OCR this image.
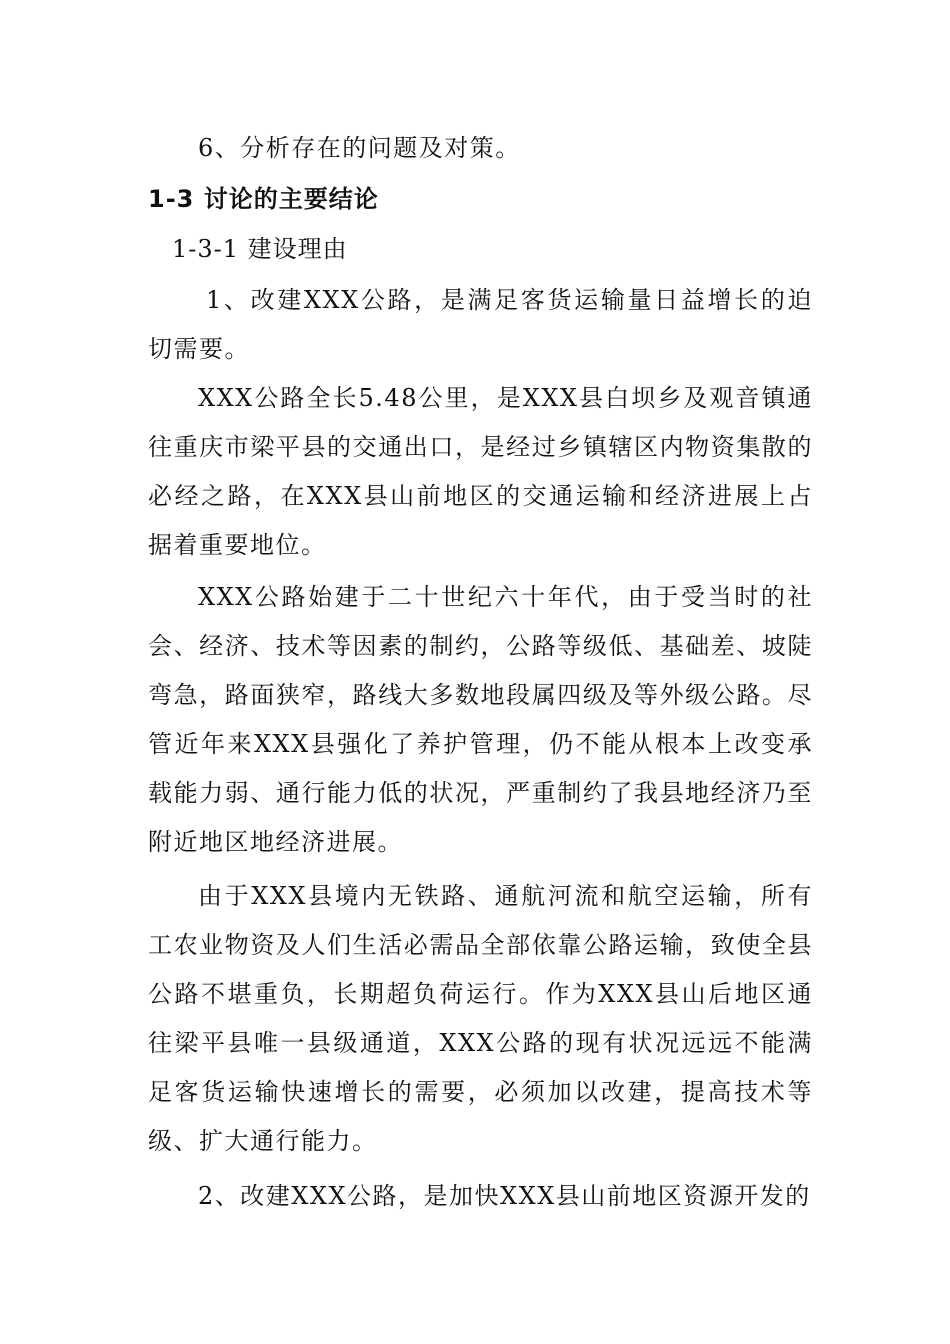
6、分析存在的问题及对策。

1-3 讨论的主要结论

1-3-1 建设理由

1、改建XXX公路，是满足客货运输量日益增长的迫切需要。

XXX公路全长5.48公里，是XXX县白坝乡及观音镇通往重庆市梁平县的交通出口，是经过乡镇辖区内物资集散的必经之路，在XXX县山前地区的交通运输和经济进展上占据着重要地位。

XXX公路始建于二十世纪六十年代，由于受当时的社会、经济、技术等因素的制约，公路等级低、基础差、坡陡弯急，路面狭窄，路线大多数地段属四级及等外级公路。尽管近年来XXX县强化了养护管理，仍不能从根本上改变承载能力弱、通行能力低的状况，严重制约了我县地经济乃至附近地区地经济进展。

由于XXX县境内无铁路、通航河流和航空运输，所有工农业物资及人们生活必需品全部依靠公路运输，致使全县公路不堪重负，长期超负荷运行。作为XXX县山后地区通往梁平县唯一县级通道，XXX公路的现有状况远远不能满足客货运输快速增长的需要，必须加以改建，提高技术等级、扩大通行能力。

2、改建XXX公路，是加快XXX县山前地区资源开发的
